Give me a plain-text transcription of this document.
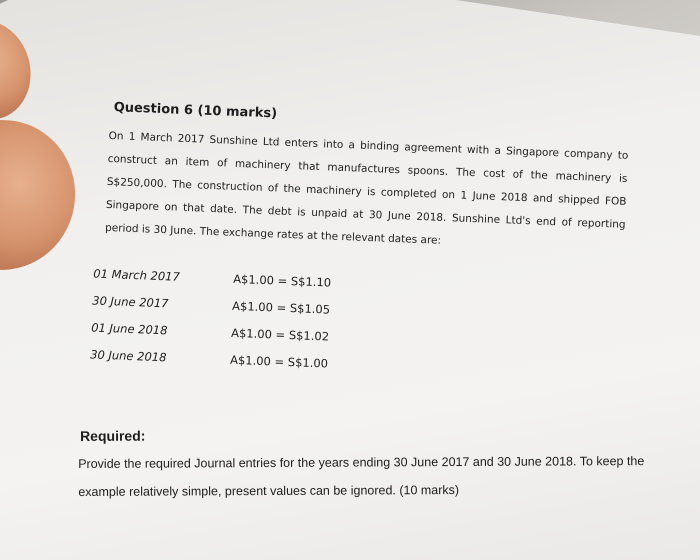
Question 6 (10 marks)

On 1 March 2017 Sunshine Ltd enters into a binding agreement with a Singapore company to construct an item of machinery that manufactures spoons. The cost of the machinery is S$250,000. The construction of the machinery is completed on 1 June 2018 and shipped FOB Singapore on that date. The debt is unpaid at 30 June 2018. Sunshine Ltd's end of reporting period is 30 June. The exchange rates at the relevant dates are:

01 March 2017	A$1.00 = S$1.10
30 June 2017	A$1.00 = S$1.05
01 June 2018	A$1.00 = S$1.02
30 June 2018	A$1.00 = S$1.00
Required:

Provide the required Journal entries for the years ending 30 June 2017 and 30 June 2018. To keep the example relatively simple, present values can be ignored. (10 marks)
